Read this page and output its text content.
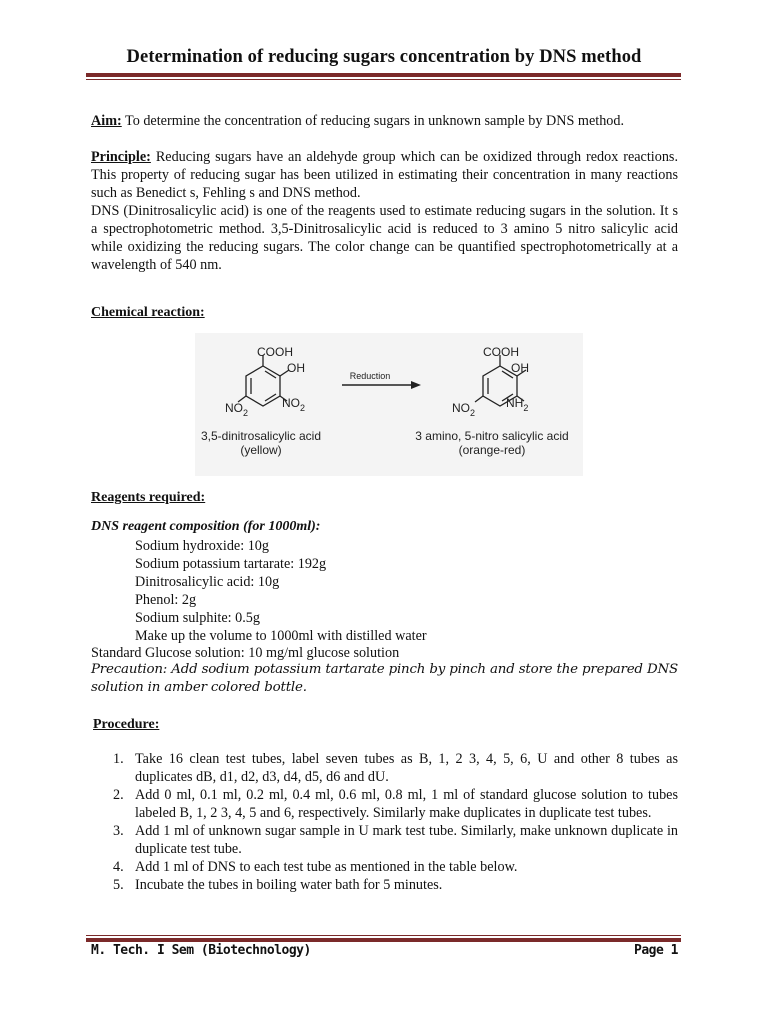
Determination of reducing sugars concentration by DNS method
Aim: To determine the concentration of reducing sugars in unknown sample by DNS method.
Principle: Reducing sugars have an aldehyde group which can be oxidized through redox reactions. This property of reducing sugar has been utilized in estimating their concentration in many reactions such as Benedict s, Fehling s and DNS method.
DNS (Dinitrosalicylic acid) is one of the reagents used to estimate reducing sugars in the solution. It s a spectrophotometric method. 3,5-Dinitrosalicylic acid is reduced to 3 amino 5 nitro salicylic acid while oxidizing the reducing sugars. The color change can be quantified spectrophotometrically at a wavelength of 540 nm.
Chemical reaction:
COOH
OH
$NO_2$
$NO_2$
3,5-dinitrosalicylic acid
(yellow)
Reduction
COOH
OH
$NO_2$
$NH_2$
3 amino, 5-nitro salicylic acid
(orange-red)
Reagents required:
DNS reagent composition (for 1000ml):
Sodium hydroxide: 10g
Sodium potassium tartarate: 192g
Dinitrosalicylic acid: 10g
Phenol: 2g
Sodium sulphite: 0.5g
Make up the volume to 1000ml with distilled water
Standard Glucose solution: 10 mg/ml glucose solution
Precaution: Add sodium potassium tartarate pinch by pinch and store the prepared DNS solution in amber colored bottle.
Procedure:
1. Take 16 clean test tubes, label seven tubes as B, 1, 2 3, 4, 5, 6, U and other 8 tubes as duplicates dB, d1, d2, d3, d4, d5, d6 and dU.
2. Add 0 ml, 0.1 ml, 0.2 ml, 0.4 ml, 0.6 ml, 0.8 ml, 1 ml of standard glucose solution to tubes labeled B, 1, 2 3, 4, 5 and 6, respectively. Similarly make duplicates in duplicate test tubes.
3. Add 1 ml of unknown sugar sample in U mark test tube. Similarly, make unknown duplicate in duplicate test tube.
4. Add 1 ml of DNS to each test tube as mentioned in the table below.
5. Incubate the tubes in boiling water bath for 5 minutes.
M. Tech. I Sem (Biotechnology)	Page 1
